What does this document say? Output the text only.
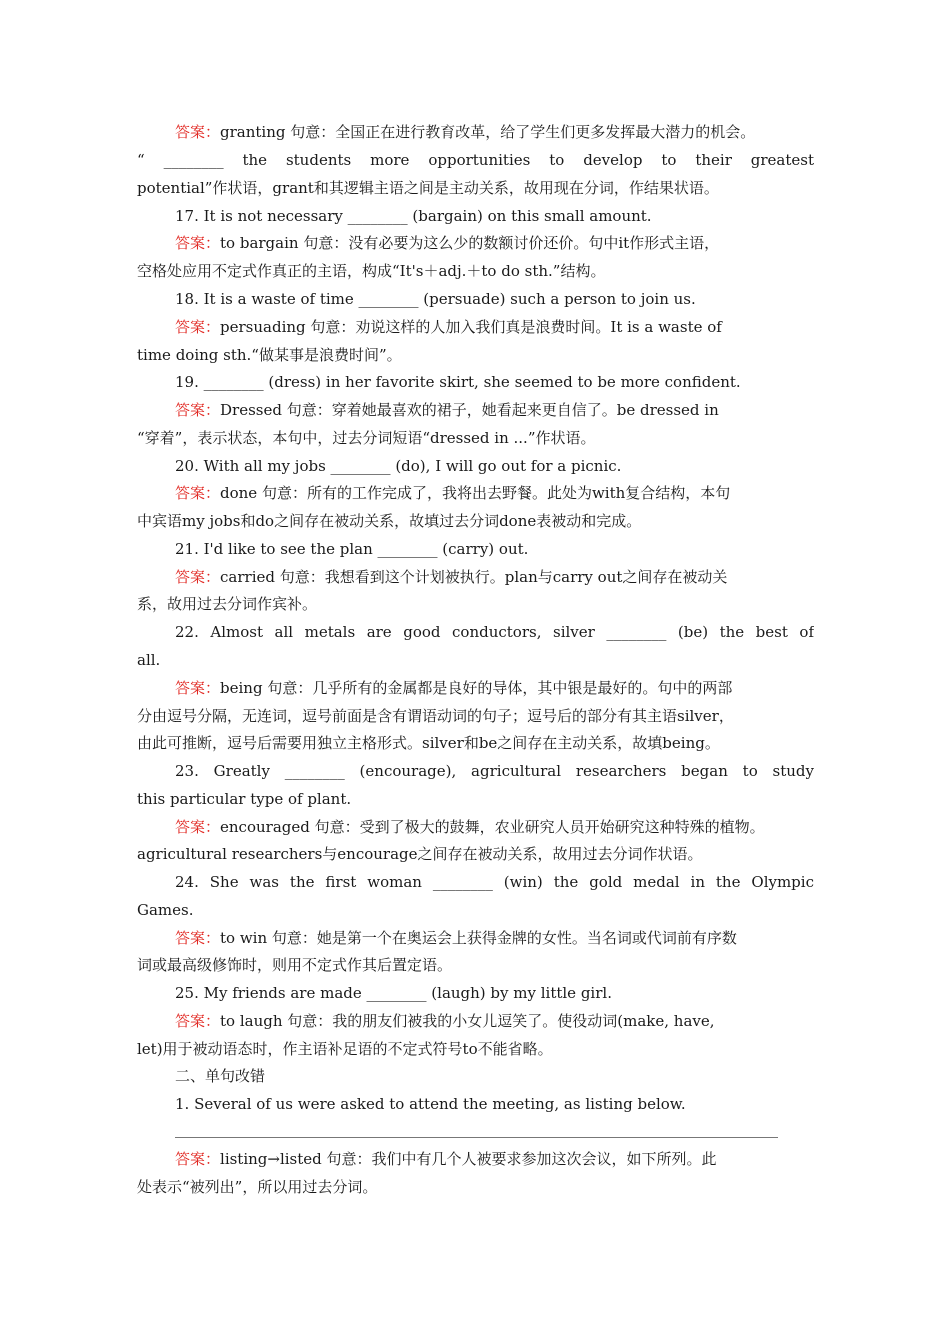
答案：granting 句意：全国正在进行教育改革，给了学生们更多发挥最大潜力的机会。
“ ________ the students more opportunities to develop to their greatest
potential”作状语，grant和其逻辑主语之间是主动关系，故用现在分词，作结果状语。
17. It is not necessary ________ (bargain) on this small amount.
答案：to bargain 句意：没有必要为这么少的数额讨价还价。句中it作形式主语，
空格处应用不定式作真正的主语，构成“It's＋adj.＋to do sth.”结构。
18. It is a waste of time ________ (persuade) such a person to join us.
答案：persuading 句意：劝说这样的人加入我们真是浪费时间。It is a waste of
time doing sth.“做某事是浪费时间”。
19. ________ (dress) in her favorite skirt, she seemed to be more confident.
答案：Dressed 句意：穿着她最喜欢的裙子，她看起来更自信了。be dressed in
“穿着”，表示状态，本句中，过去分词短语“dressed in ...”作状语。
20. With all my jobs ________ (do), I will go out for a picnic.
答案：done 句意：所有的工作完成了，我将出去野餐。此处为with复合结构，本句
中宾语my jobs和do之间存在被动关系，故填过去分词done表被动和完成。
21. I'd like to see the plan ________ (carry) out.
答案：carried 句意：我想看到这个计划被执行。plan与carry out之间存在被动关
系，故用过去分词作宾补。
22. Almost all metals are good conductors, silver ________ (be) the best of
all.
答案：being 句意：几乎所有的金属都是良好的导体，其中银是最好的。句中的两部
分由逗号分隔，无连词，逗号前面是含有谓语动词的句子；逗号后的部分有其主语silver，
由此可推断，逗号后需要用独立主格形式。silver和be之间存在主动关系，故填being。
23. Greatly ________ (encourage), agricultural researchers began to study
this particular type of plant.
答案：encouraged 句意：受到了极大的鼓舞，农业研究人员开始研究这种特殊的植物。
agricultural researchers与encourage之间存在被动关系，故用过去分词作状语。
24. She was the first woman ________ (win) the gold medal in the Olympic
Games.
答案：to win 句意：她是第一个在奥运会上获得金牌的女性。当名词或代词前有序数
词或最高级修饰时，则用不定式作其后置定语。
25. My friends are made ________ (laugh) by my little girl.
答案：to laugh 句意：我的朋友们被我的小女儿逗笑了。使役动词(make, have,
let)用于被动语态时，作主语补足语的不定式符号to不能省略。
二、单句改错
1. Several of us were asked to attend the meeting, as listing below.
答案：listing→listed 句意：我们中有几个人被要求参加这次会议，如下所列。此
处表示“被列出”，所以用过去分词。
